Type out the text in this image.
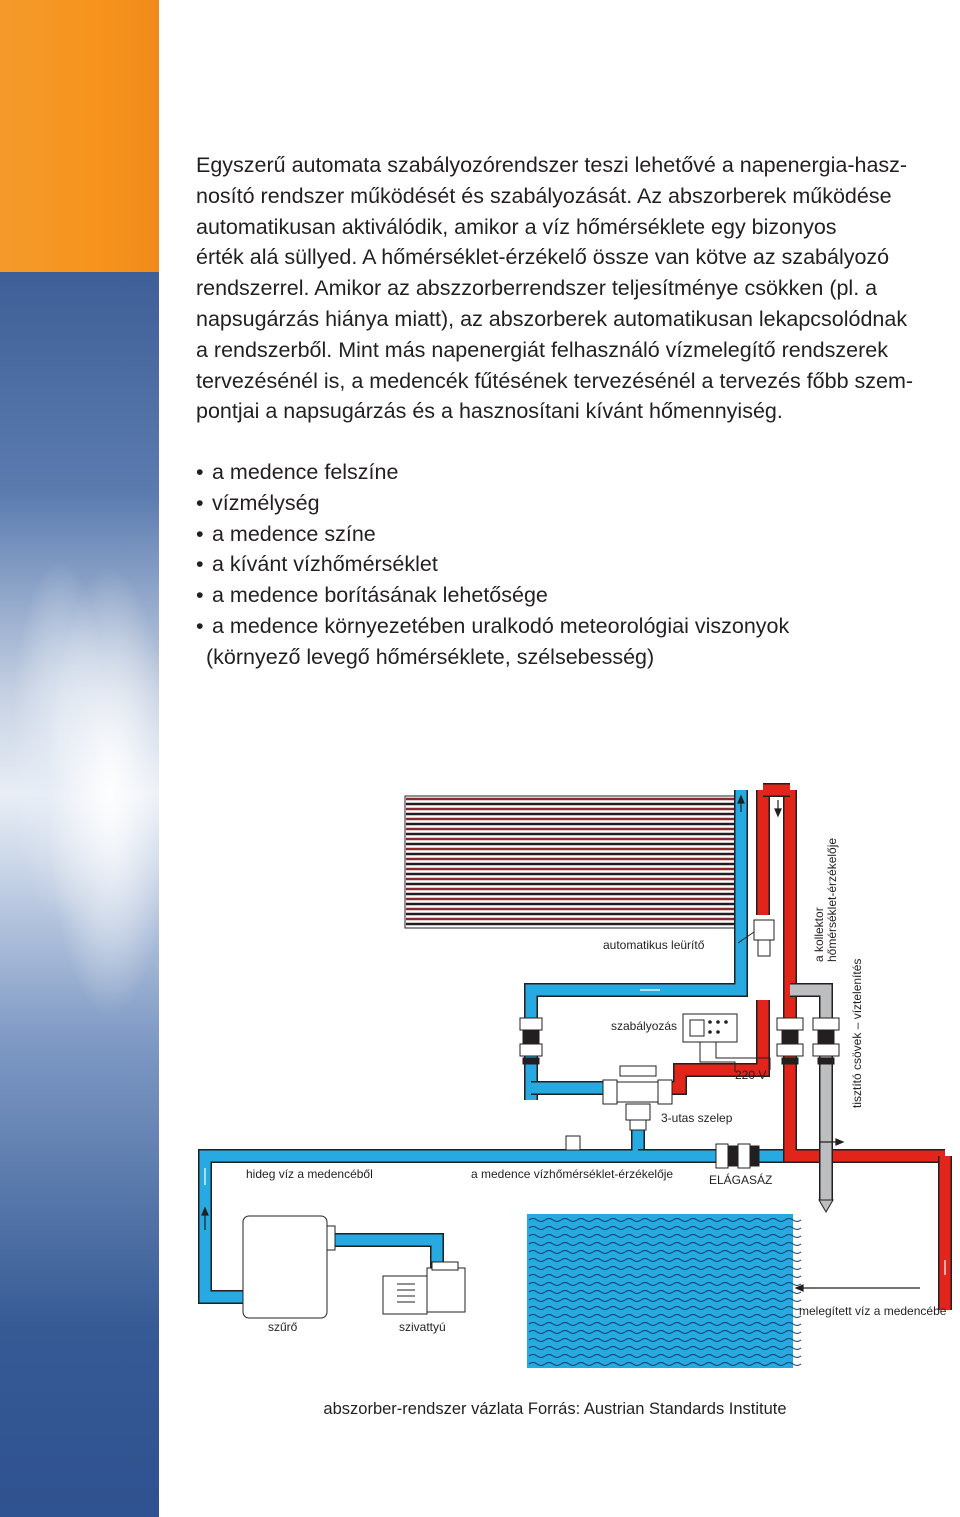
Egyszerű automata szabályozórendszer teszi lehetővé a napenergia-hasz-

nosító rendszer működését és szabályozását. Az abszorberek működése

automatikusan aktiválódik, amikor a víz hőmérséklete egy bizonyos

érték alá süllyed. A hőmérséklet-érzékelő össze van kötve az szabályozó

rendszerrel. Amikor az abszzorberrendszer teljesítménye csökken (pl. a

napsugárzás hiánya miatt), az abszorberek automatikusan lekapcsolódnak

a rendszerből. Mint más napenergiát felhasználó vízmelegítő rendszerek

tervezésénél is, a medencék fűtésének tervezésénél a tervezés főbb szem-

pontjai a napsugárzás és a hasznosítani kívánt hőmennyiség.

• a medence felszíne
• vízmélység
• a medence színe
• a kívánt vízhőmérséklet
• a medence borításának lehetősége
• a medence környezetében uralkodó meteorológiai viszonyok
(környező levegő hőmérséklete, szélsebesség)
automatikus leürítő
szabályozás
220 V
3-utas szelep
hideg víz a medencéből	a medence vízhőmérséklet-érzékelője	ELÁGASÁZ
szűrő	szivattyú
melegített víz a medencébe
a kollektor hőmérséklet-érzékelője
tisztító csövek – víztelenítés
abszorber-rendszer vázlata Forrás: Austrian Standards Institute
